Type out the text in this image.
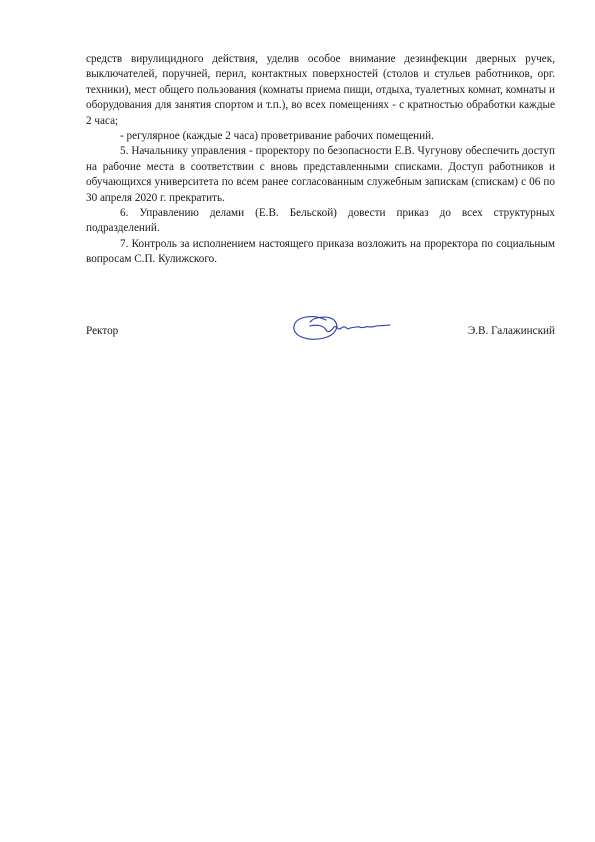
средств вирулицидного действия, уделив особое внимание дезинфекции дверных ручек, выключателей, поручней, перил, контактных поверхностей (столов и стульев работников, орг. техники), мест общего пользования (комнаты приема пищи, отдыха, туалетных комнат, комнаты и оборудования для занятия спортом и т.п.), во всех помещениях - с кратностью обработки каждые 2 часа;

- регулярное (каждые 2 часа) проветривание рабочих помещений.

5. Начальнику управления - проректору по безопасности Е.В. Чугунову обеспечить доступ на рабочие места в соответствии с вновь представленными списками. Доступ работников и обучающихся университета по всем ранее согласованным служебным запискам (спискам) с 06 по 30 апреля 2020 г. прекратить.

6. Управлению делами (Е.В. Бельской) довести приказ до всех структурных подразделений.

7. Контроль за исполнением настоящего приказа возложить на проректора по социальным вопросам С.П. Кулижского.

Ректор	Э.В. Галажинский
